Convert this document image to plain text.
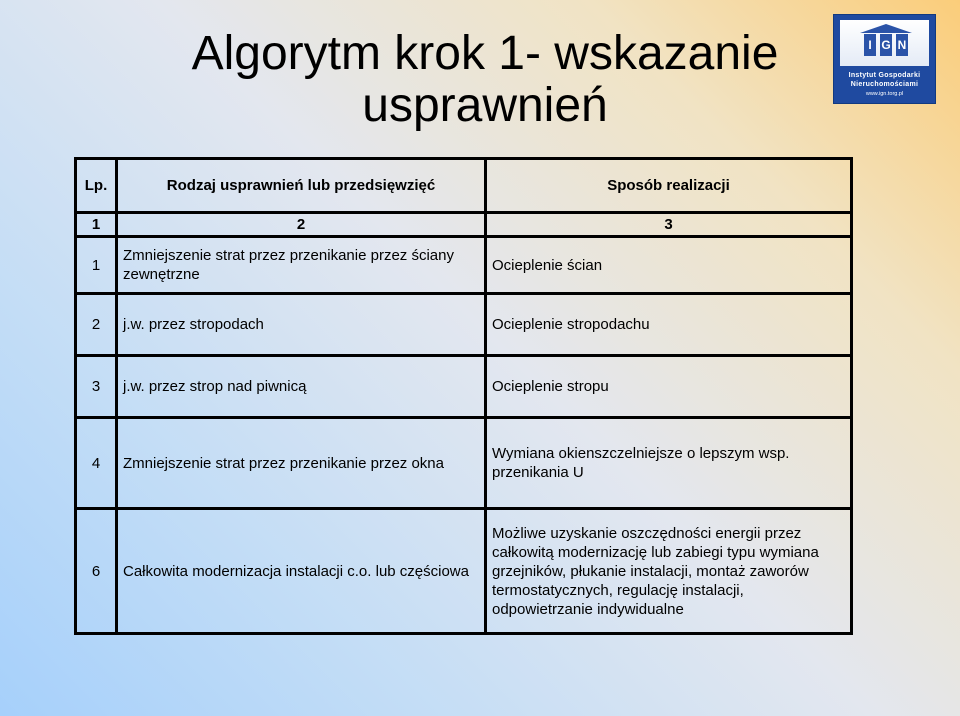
Algorytm krok 1- wskazanie
usprawnień
I G N
Instytut Gospodarki
Nieruchomościami
www.ign.torg.pl
Lp.	Rodzaj usprawnień lub przedsięwzięć	Sposób realizacji
1	2	3
1	Zmniejszenie strat przez przenikanie przez ściany zewnętrzne	Ocieplenie ścian
2	j.w. przez stropodach	Ocieplenie stropodachu
3	j.w. przez strop nad piwnicą	Ocieplenie stropu
4	Zmniejszenie strat przez przenikanie przez okna	Wymiana okienszczelniejsze o lepszym wsp. przenikania U
6	Całkowita modernizacja instalacji c.o. lub częściowa	Możliwe uzyskanie oszczędności energii przez całkowitą modernizację lub zabiegi typu wymiana grzejników, płukanie instalacji, montaż zaworów termostatycznych, regulację instalacji, odpowietrzanie indywidualne
